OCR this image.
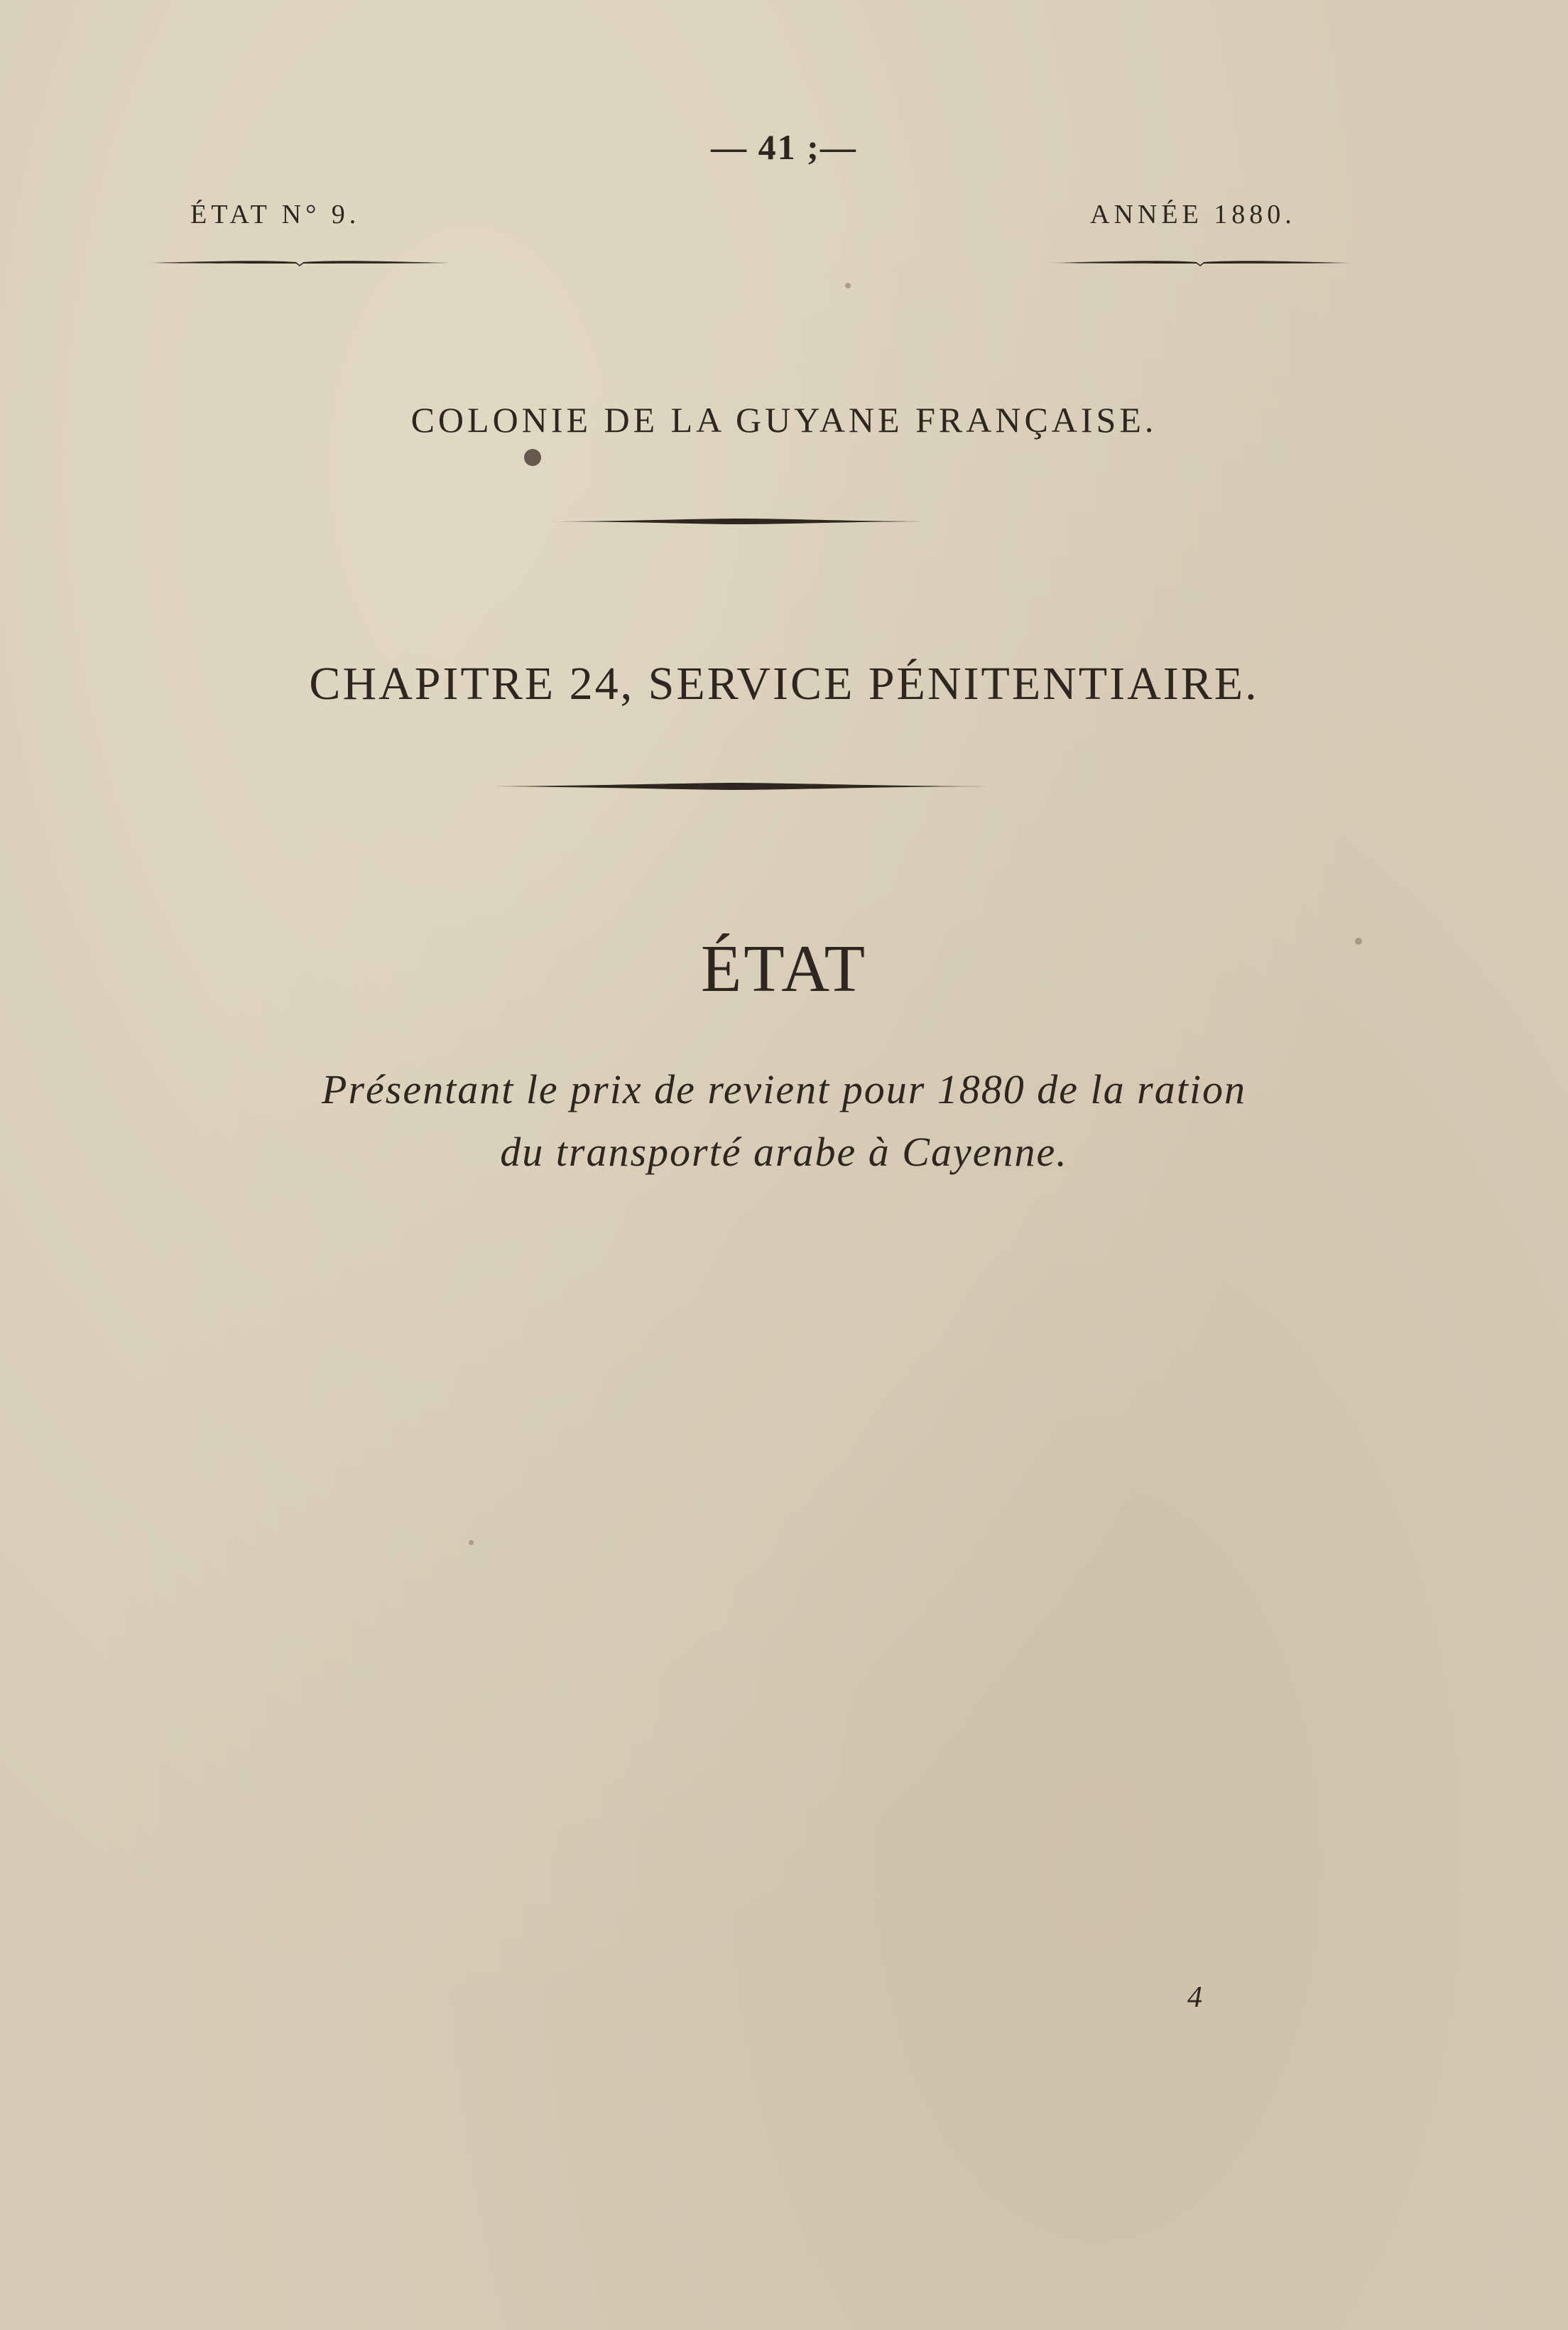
— 41 ;—
ÉTAT N° 9.	ANNÉE 1880.
COLONIE DE LA GUYANE FRANÇAISE.
CHAPITRE 24, SERVICE PÉNITENTIAIRE.
ÉTAT
Présentant le prix de revient pour 1880 de la ration
du transporté arabe à Cayenne.
4
